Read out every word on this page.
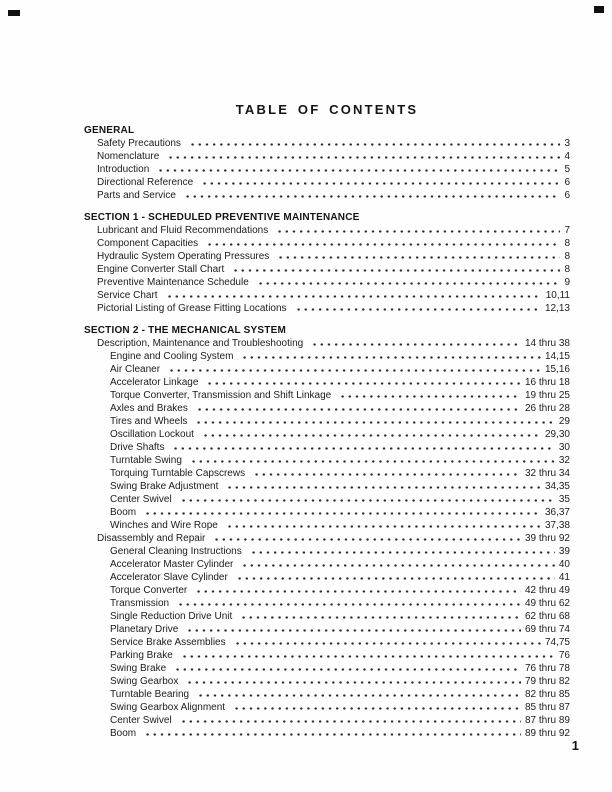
TABLE OF CONTENTS
GENERAL
Safety Precautions	3
Nomenclature	4
Introduction	5
Directional Reference	6
Parts and Service	6
SECTION 1 - SCHEDULED PREVENTIVE MAINTENANCE
Lubricant and Fluid Recommendations	7
Component Capacities	8
Hydraulic System Operating Pressures	8
Engine Converter Stall Chart	8
Preventive Maintenance Schedule	9
Service Chart	10,11
Pictorial Listing of Grease Fitting Locations	12,13
SECTION 2 - THE MECHANICAL SYSTEM
Description, Maintenance and Troubleshooting	14 thru 38
Engine and Cooling System	14,15
Air Cleaner	15,16
Accelerator Linkage	16 thru 18
Torque Converter, Transmission and Shift Linkage	19 thru 25
Axles and Brakes	26 thru 28
Tires and Wheels	29
Oscillation Lockout	29,30
Drive Shafts	30
Turntable Swing	32
Torquing Turntable Capscrews	32 thru 34
Swing Brake Adjustment	34,35
Center Swivel	35
Boom	36,37
Winches and Wire Rope	37,38
Disassembly and Repair	39 thru 92
General Cleaning Instructions	39
Accelerator Master Cylinder	40
Accelerator Slave Cylinder	41
Torque Converter	42 thru 49
Transmission	49 thru 62
Single Reduction Drive Unit	62 thru 68
Planetary Drive	69 thru 74
Service Brake Assemblies	74,75
Parking Brake	76
Swing Brake	76 thru 78
Swing Gearbox	79 thru 82
Turntable Bearing	82 thru 85
Swing Gearbox Alignment	85 thru 87
Center Swivel	87 thru 89
Boom	89 thru 92
1
